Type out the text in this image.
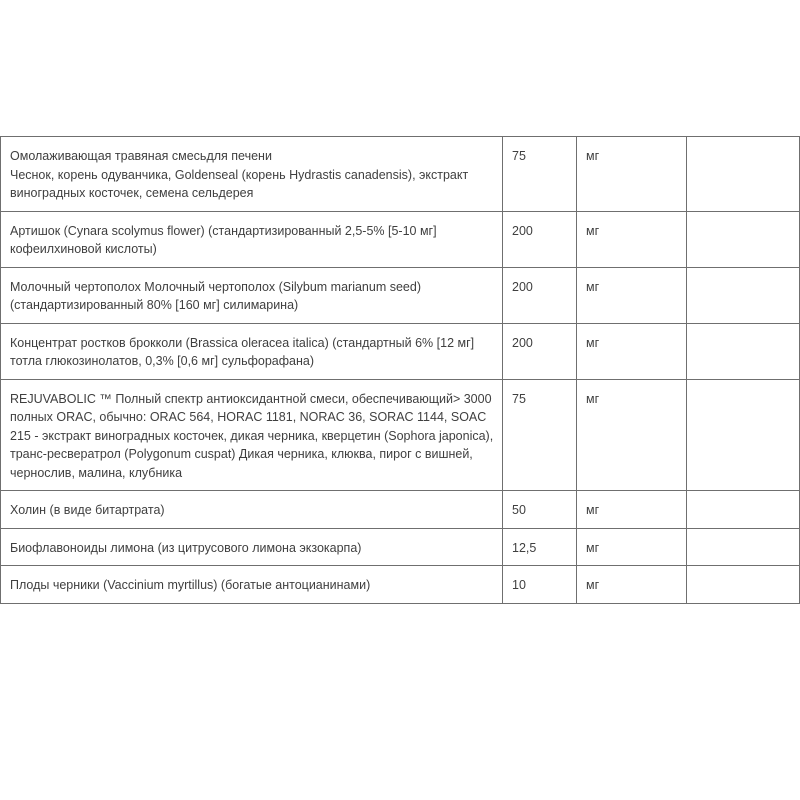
Омолаживающая травяная смесьдля печени
Чеснок, корень одуванчика, Goldenseal (корень Hydrastis canadensis), экстракт виноградных косточек, семена сельдерея	75	мг	
Артишок (Cynara scolymus flower) (стандартизированный 2,5-5% [5-10 мг] кофеилхиновой кислоты)	200	мг	
Молочный чертополох Молочный чертополох (Silybum marianum seed) (стандартизированный 80% [160 мг] силимарина)	200	мг	
Концентрат ростков брокколи (Brassica oleracea italica) (стандартный 6% [12 мг] тотла глюкозинолатов, 0,3% [0,6 мг] сульфорафана)	200	мг	
REJUVABOLIC ™ Полный спектр антиоксидантной смеси, обеспечивающий> 3000 полных ORAC, обычно: ORAC 564, HORAC 1181, NORAC 36, SORAC 1144, SOAC 215 - экстракт виноградных косточек, дикая черника, кверцетин (Sophora japonica), транс-ресвератрол (Polygonum cuspat) Дикая черника, клюква, пирог с вишней, чернослив, малина, клубника	75	мг	
Холин (в виде битартрата)	50	мг	
Биофлавоноиды лимона (из цитрусового лимона экзокарпа)	12,5	мг	
Плоды черники (Vaccinium myrtillus) (богатые антоцианинами)	10	мг	
